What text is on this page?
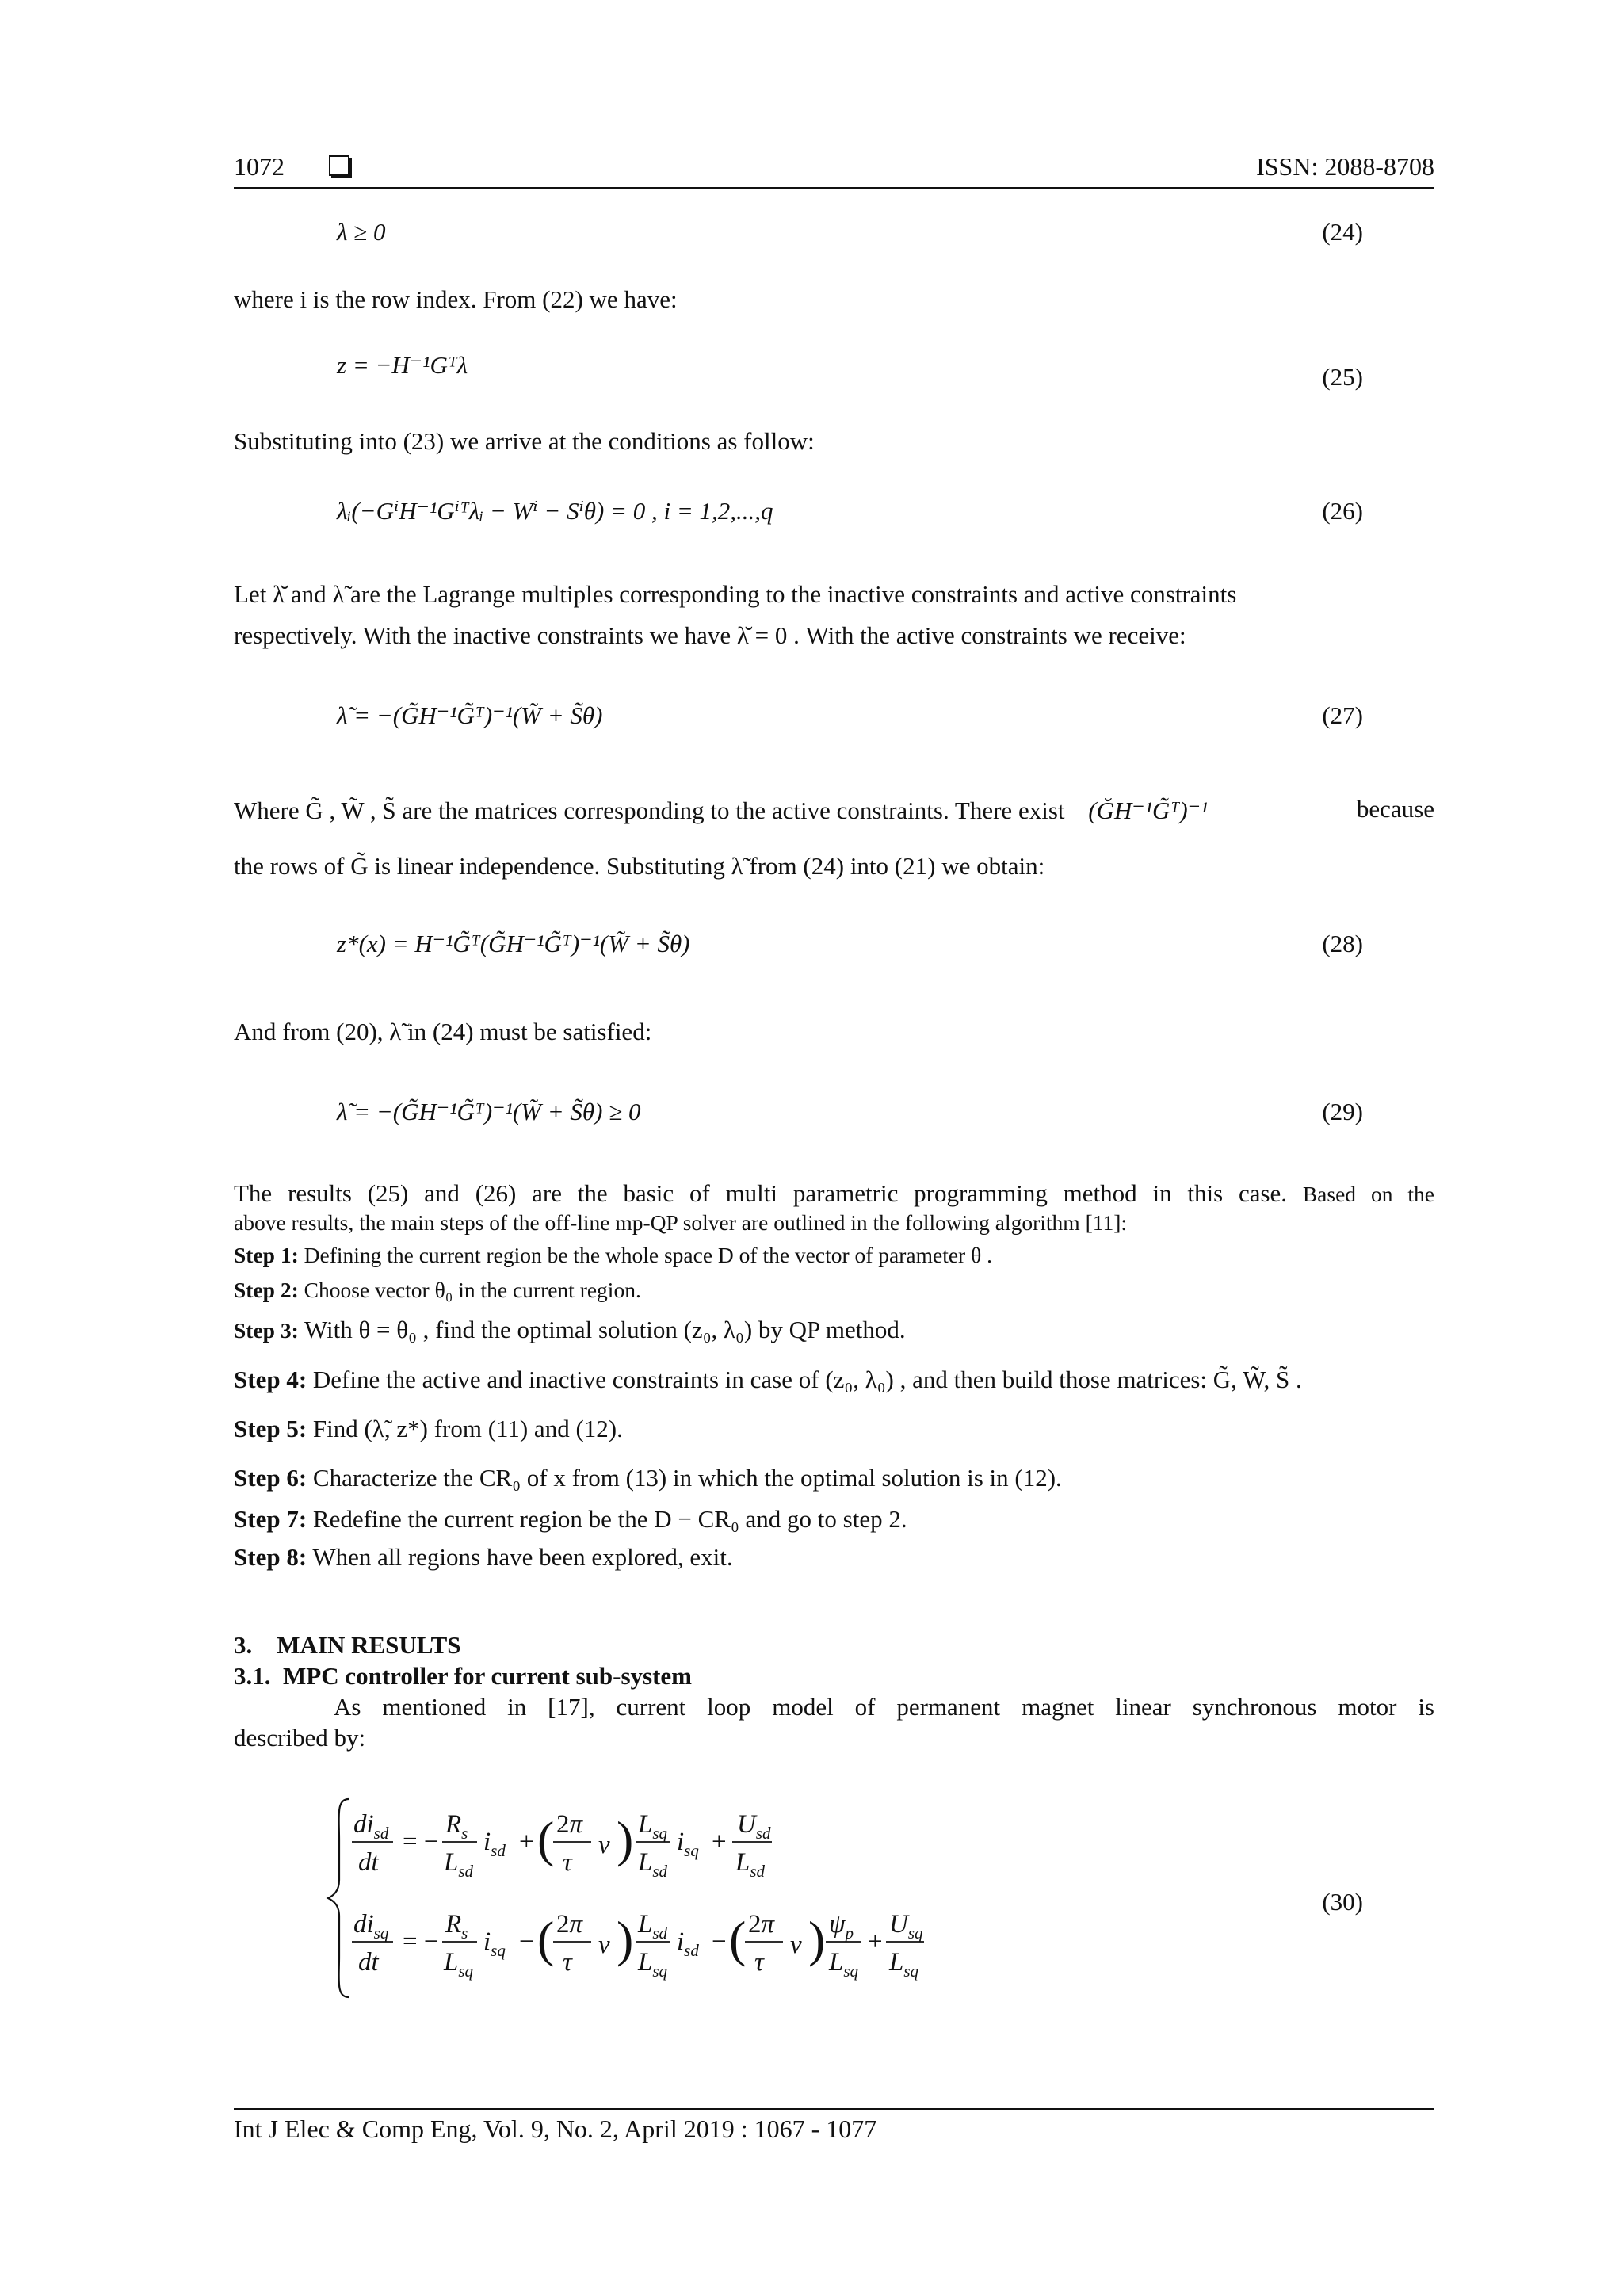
1072	ISSN: 2088-8708
λ ≥ 0	(24)
where i is the row index. From (22) we have:
z = −H⁻¹Gᵀλ	(25)
Substituting into (23) we arrive at the conditions as follow:
λᵢ(−GⁱH⁻¹Gⁱᵀλᵢ − Wⁱ − Sⁱθ) = 0 , i = 1,2,...,q	(26)
Let λ̆ and λ̃ are the Lagrange multiples corresponding to the inactive constraints and active constraints
respectively. With the inactive constraints we have λ̆ = 0 . With the active constraints we receive:
λ̃ = −(G̃H⁻¹G̃ᵀ)⁻¹(W̃ + S̃θ)	(27)
Where G̃ , W̃ , S̃ are the matrices corresponding to the active constraints. There exist (ĞH⁻¹G̃ᵀ)⁻¹	because
the rows of G̃ is linear independence. Substituting λ̃ from (24) into (21) we obtain:
z*(x) = H⁻¹G̃ᵀ(G̃H⁻¹G̃ᵀ)⁻¹(W̃ + S̃θ)	(28)
And from (20), λ̃ in (24) must be satisfied:
λ̃ = −(G̃H⁻¹G̃ᵀ)⁻¹(W̃ + S̃θ) ≥ 0	(29)
The results (25) and (26) are the basic of multi parametric programming method in this case. Based on the
above results, the main steps of the off-line mp-QP solver are outlined in the following algorithm [11]:
Step 1: Defining the current region be the whole space D of the vector of parameter θ .
Step 2: Choose vector θ₀ in the current region.
Step 3: With θ = θ₀ , find the optimal solution (z₀, λ₀) by QP method.
Step 4: Define the active and inactive constraints in case of (z₀, λ₀) , and then build those matrices: G̃, W̃, S̃ .
Step 5: Find (λ̃, z*) from (11) and (12).
Step 6: Characterize the CR₀ of x from (13) in which the optimal solution is in (12).
Step 7: Redefine the current region be the D − CR₀ and go to step 2.
Step 8: When all regions have been explored, exit.
3.    MAIN RESULTS
3.1.  MPC controller for current sub-system
As mentioned in [17], current loop model of permanent magnet linear synchronous motor is
described by:
$di_{sd}$
dt
= −
$R_s$
$L_{sd}$
$i_{sd}$ + ( 2π
τ
v ) $L_{sq}$
$L_{sd}$
$i_{sq}$ +
$U_{sd}$
$L_{sd}$
$di_{sq}$
dt
= −
$R_s$
$L_{sq}$
$i_{sq}$ − ( 2π
τ
v ) $L_{sd}$
$L_{sq}$
$i_{sd}$ − ( 2π
τ
v ) $\psi_p$
$L_{sq}$
+
$U_{sq}$
$L_{sq}$
(30)
Int J Elec & Comp Eng, Vol. 9, No. 2, April 2019 : 1067 - 1077
